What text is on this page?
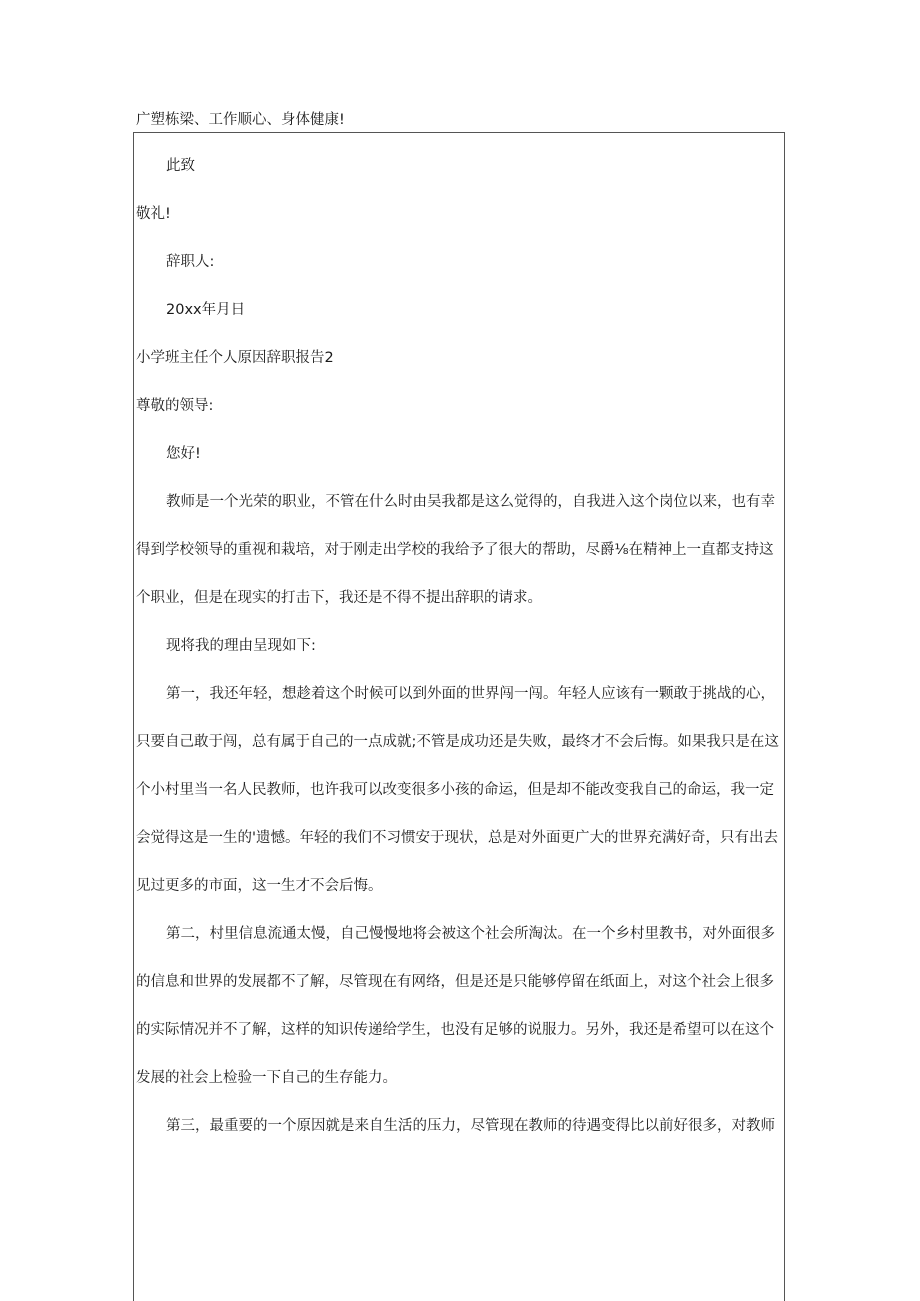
广塑栋梁、工作顺心、身体健康!
此致
敬礼!
辞职人:
20xx年月日
小学班主任个人原因辞职报告2
尊敬的领导:
您好!
教师是一个光荣的职业，不管在什么时由吴我都是这么觉得的，自我进入这个岗位以来，也有幸
得到学校领导的重视和栽培，对于刚走出学校的我给予了很大的帮助，尽爵⅛在精神上一直都支持这
个职业，但是在现实的打击下，我还是不得不提出辞职的请求。
现将我的理由呈现如下:
第一，我还年轻，想趁着这个时候可以到外面的世界闯一闯。年轻人应该有一颗敢于挑战的心，
只要自己敢于闯，总有属于自己的一点成就;不管是成功还是失败，最终才不会后悔。如果我只是在这
个小村里当一名人民教师，也许我可以改变很多小孩的命运，但是却不能改变我自己的命运，我一定
会觉得这是一生的'遗憾。年轻的我们不习惯安于现状，总是对外面更广大的世界充满好奇，只有出去
见过更多的市面，这一生才不会后悔。
第二，村里信息流通太慢，自己慢慢地将会被这个社会所淘汰。在一个乡村里教书，对外面很多
的信息和世界的发展都不了解，尽管现在有网络，但是还是只能够停留在纸面上，对这个社会上很多
的实际情况并不了解，这样的知识传递给学生，也没有足够的说服力。另外，我还是希望可以在这个
发展的社会上检验一下自己的生存能力。
第三，最重要的一个原因就是来自生活的压力，尽管现在教师的待遇变得比以前好很多，对教师
